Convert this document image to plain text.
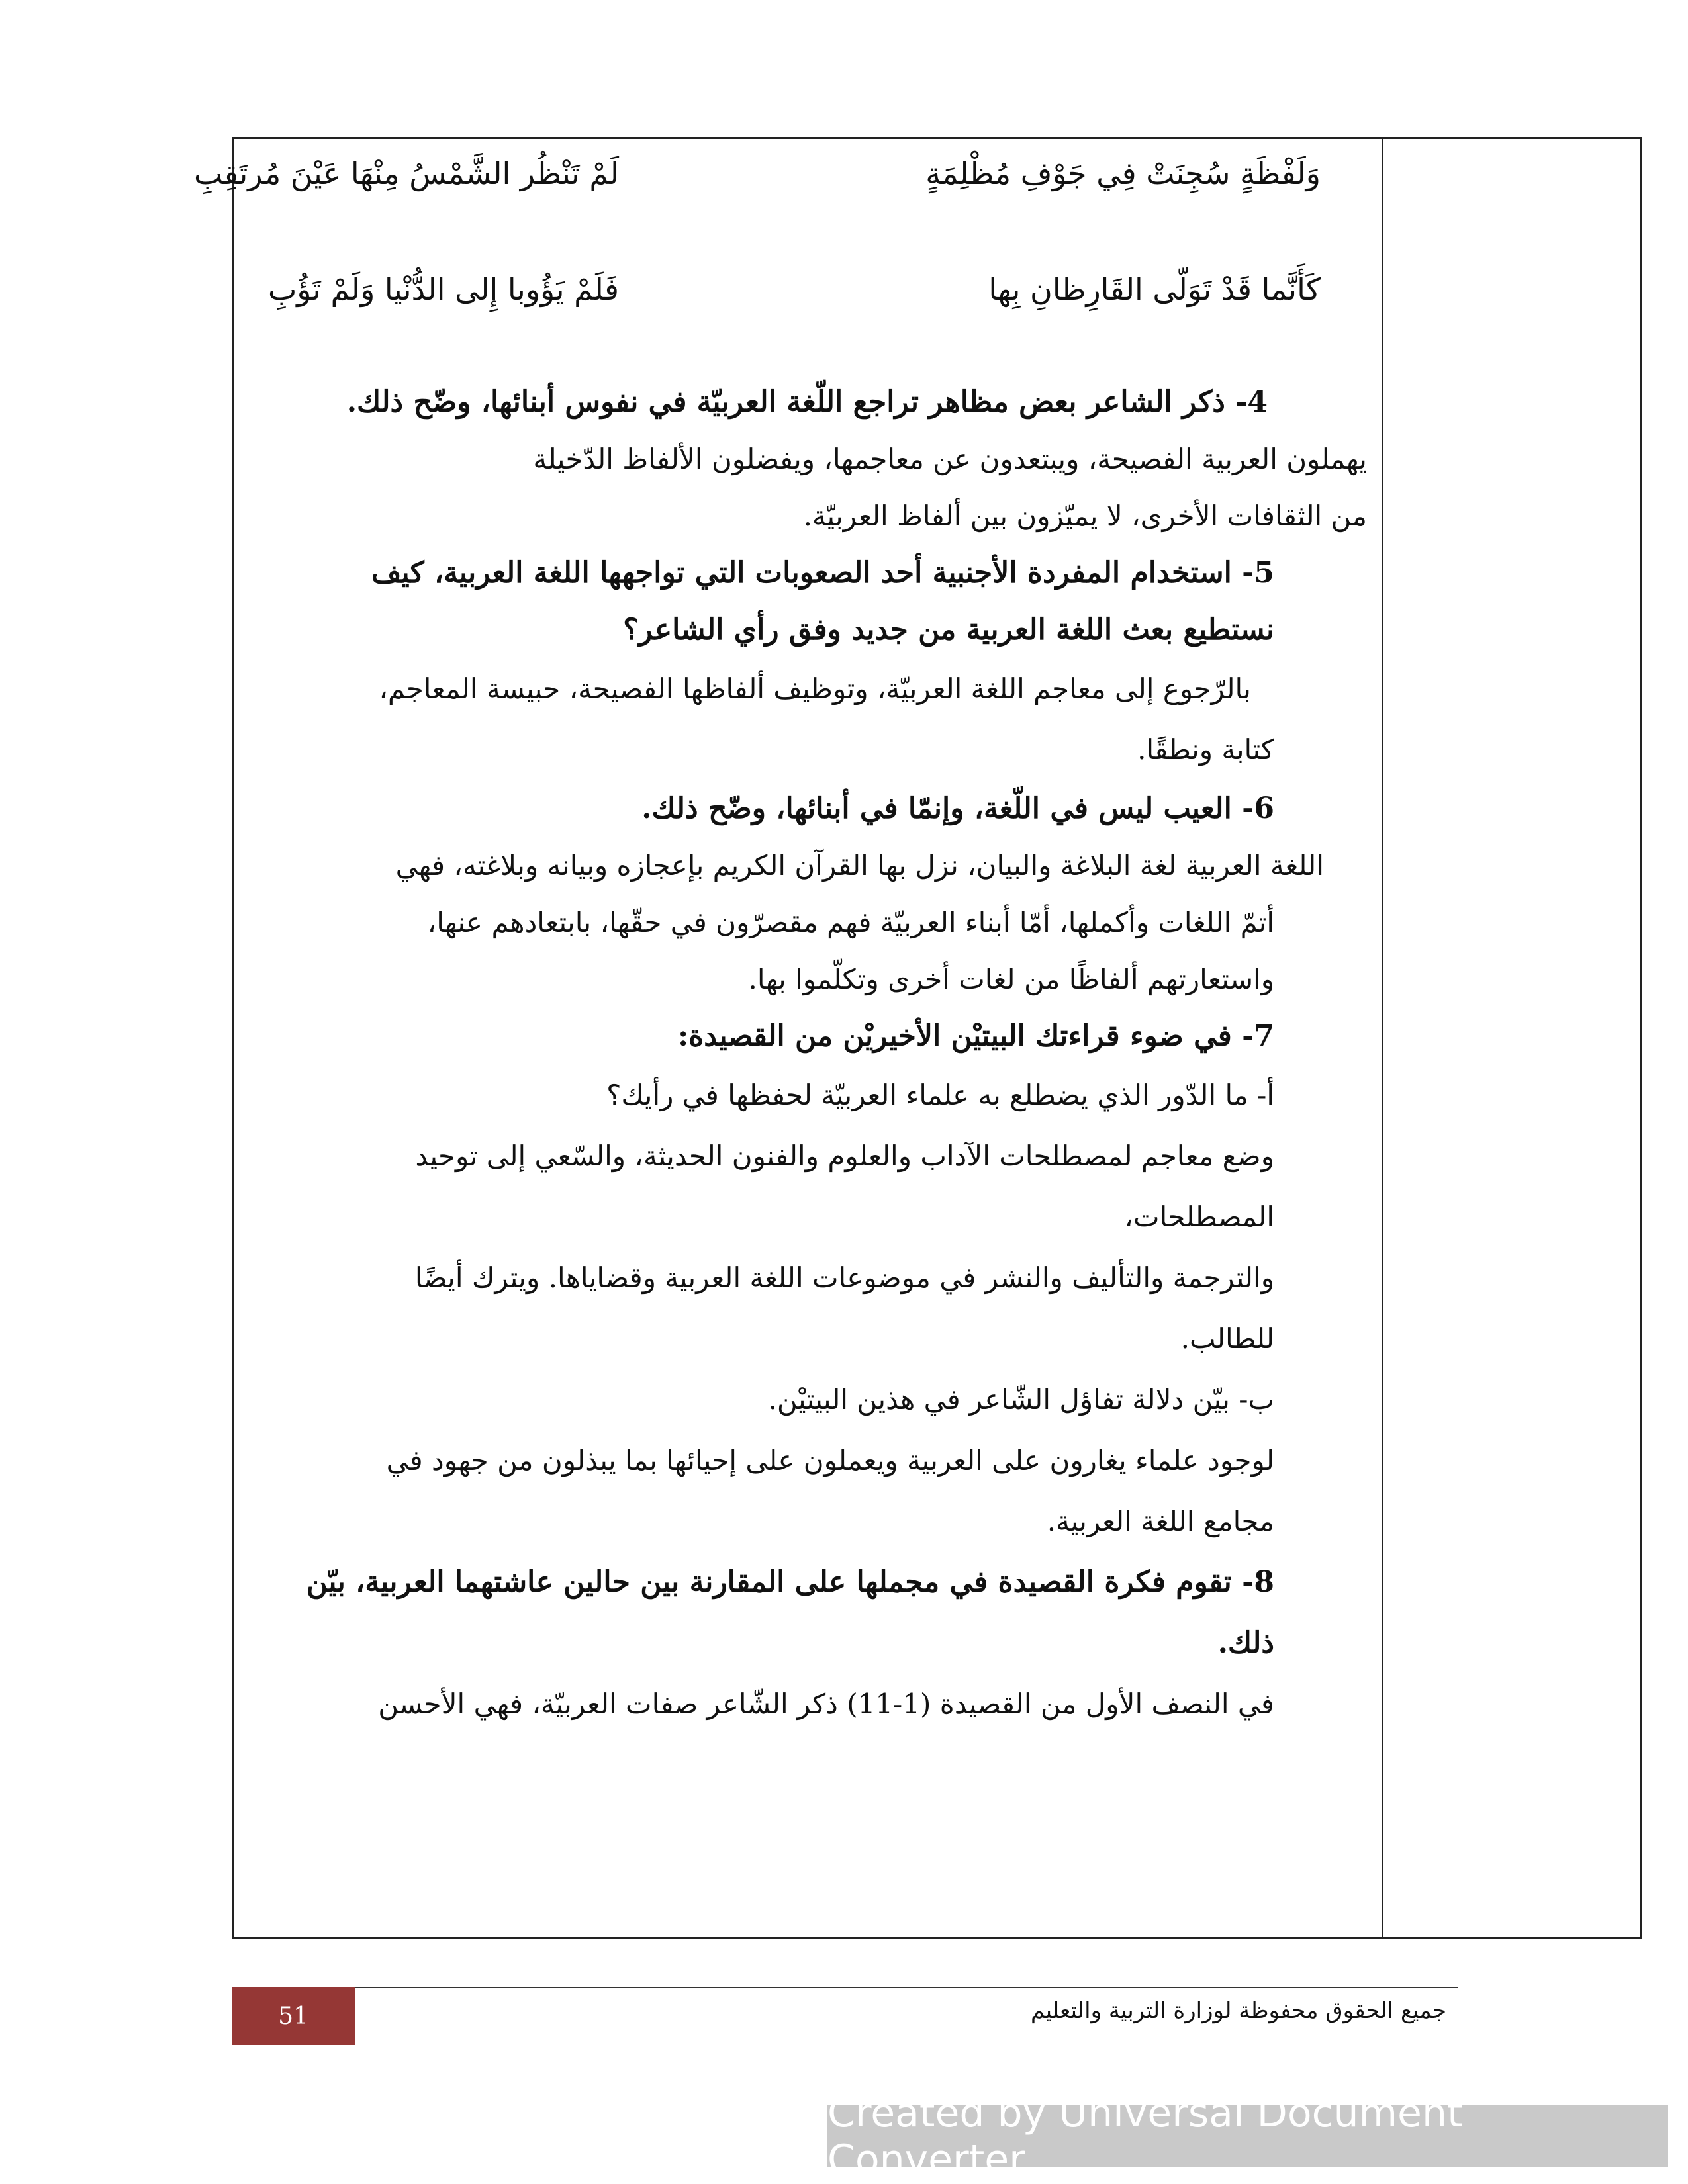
وَلَفْظَةٍ سُجِنَتْ فِي جَوْفِ مُظْلِمَةٍ
لَمْ تَنْظُر الشَّمْسُ مِنْهَا عَيْنَ مُرتَقِبِ
كَأَنَّما قَدْ تَوَلّى القَارِظانِ بِها
فَلَمْ يَؤُوبا إِلى الدُّنْيا وَلَمْ تَؤُبِ
4- ذكر الشاعر بعض مظاهر تراجع اللّغة العربيّة في نفوس أبنائها، وضّح ذلك.
يهملون العربية الفصيحة، ويبتعدون عن معاجمها، ويفضلون الألفاظ الدّخيلة
من الثقافات الأخرى، لا يميّزون بين ألفاظ العربيّة.
5- استخدام المفردة الأجنبية أحد الصعوبات التي تواجهها اللغة العربية، كيف
نستطيع بعث اللغة العربية من جديد وفق رأي الشاعر؟
بالرّجوع إلى معاجم اللغة العربيّة، وتوظيف ألفاظها الفصيحة، حبيسة المعاجم،
كتابة ونطقًا.
6- العيب ليس في اللّغة، وإنمّا في أبنائها، وضّح ذلك.
اللغة العربية لغة البلاغة والبيان، نزل بها القرآن الكريم بإعجازه وبيانه وبلاغته، فهي
أتمّ اللغات وأكملها، أمّا أبناء العربيّة فهم مقصرّون في حقّها، بابتعادهم عنها،
واستعارتهم ألفاظًا من لغات أخرى وتكلّموا بها.
7- في ضوء قراءتك البيتيْن الأخيريْن من القصيدة:
أ- ما الدّور الذي يضطلع به علماء العربيّة لحفظها في رأيك؟
وضع معاجم لمصطلحات الآداب والعلوم والفنون الحديثة، والسّعي إلى توحيد
المصطلحات،
والترجمة والتأليف والنشر في موضوعات اللغة العربية وقضاياها. ويترك أيضًا
للطالب.
ب- بيّن دلالة تفاؤل الشّاعر في هذين البيتيْن.
لوجود علماء يغارون على العربية ويعملون على إحيائها بما يبذلون من جهود في
مجامع اللغة العربية.
8- تقوم فكرة القصيدة في مجملها على المقارنة بين حالين عاشتهما العربية، بيّن
ذلك.
في النصف الأول من القصيدة (1-11) ذكر الشّاعر صفات العربيّة، فهي الأحسن
51	جميع الحقوق محفوظة لوزارة التربية والتعليم
Created by Universal Document Converter
